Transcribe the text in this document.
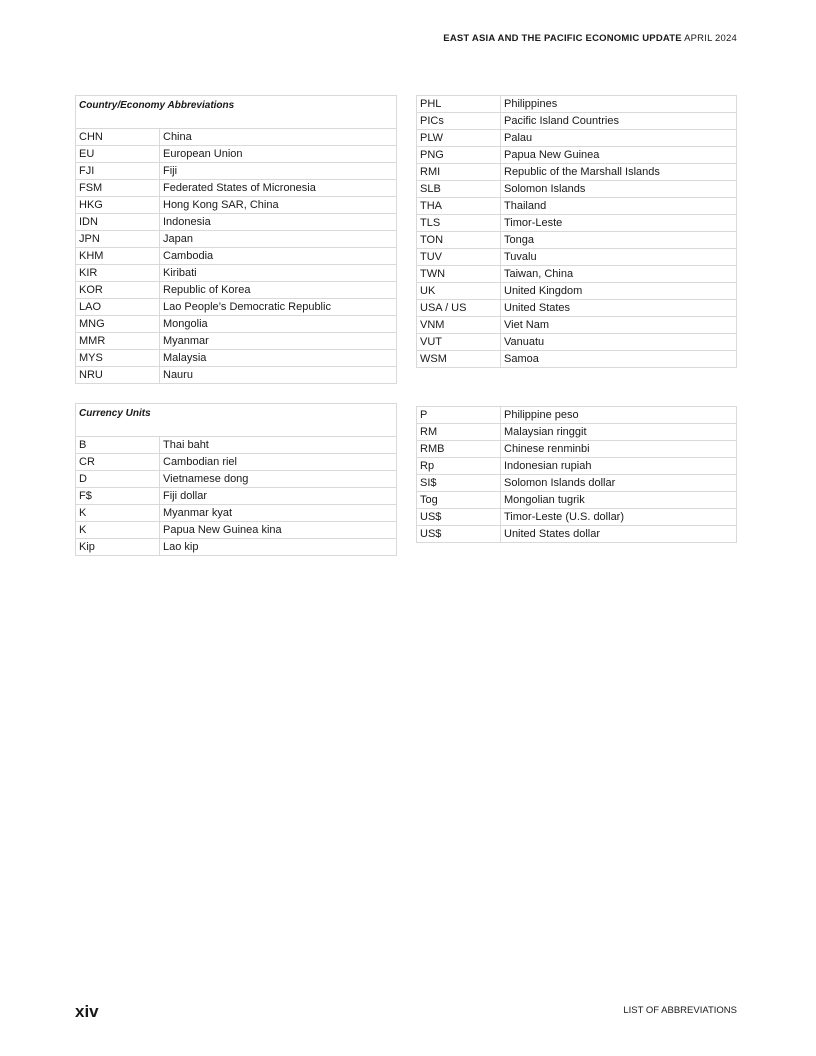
EAST ASIA AND THE PACIFIC ECONOMIC UPDATE APRIL 2024
Country/Economy Abbreviations	
CHN	China
EU	European Union
FJI	Fiji
FSM	Federated States of Micronesia
HKG	Hong Kong SAR, China
IDN	Indonesia
JPN	Japan
KHM	Cambodia
KIR	Kiribati
KOR	Republic of Korea
LAO	Lao People’s Democratic Republic
MNG	Mongolia
MMR	Myanmar
MYS	Malaysia
NRU	Nauru
PHL	Philippines
PICs	Pacific Island Countries
PLW	Palau
PNG	Papua New Guinea
RMI	Republic of the Marshall Islands
SLB	Solomon Islands
THA	Thailand
TLS	Timor-Leste
TON	Tonga
TUV	Tuvalu
TWN	Taiwan, China
UK	United Kingdom
USA / US	United States
VNM	Viet Nam
VUT	Vanuatu
WSM	Samoa
Currency Units	
B	Thai baht
CR	Cambodian riel
D	Vietnamese dong
F$	Fiji dollar
K	Myanmar kyat
K	Papua New Guinea kina
Kip	Lao kip
P	Philippine peso
RM	Malaysian ringgit
RMB	Chinese renminbi
Rp	Indonesian rupiah
SI$	Solomon Islands dollar
Tog	Mongolian tugrik
US$	Timor-Leste (U.S. dollar)
US$	United States dollar
xiv	LIST OF ABBREVIATIONS
